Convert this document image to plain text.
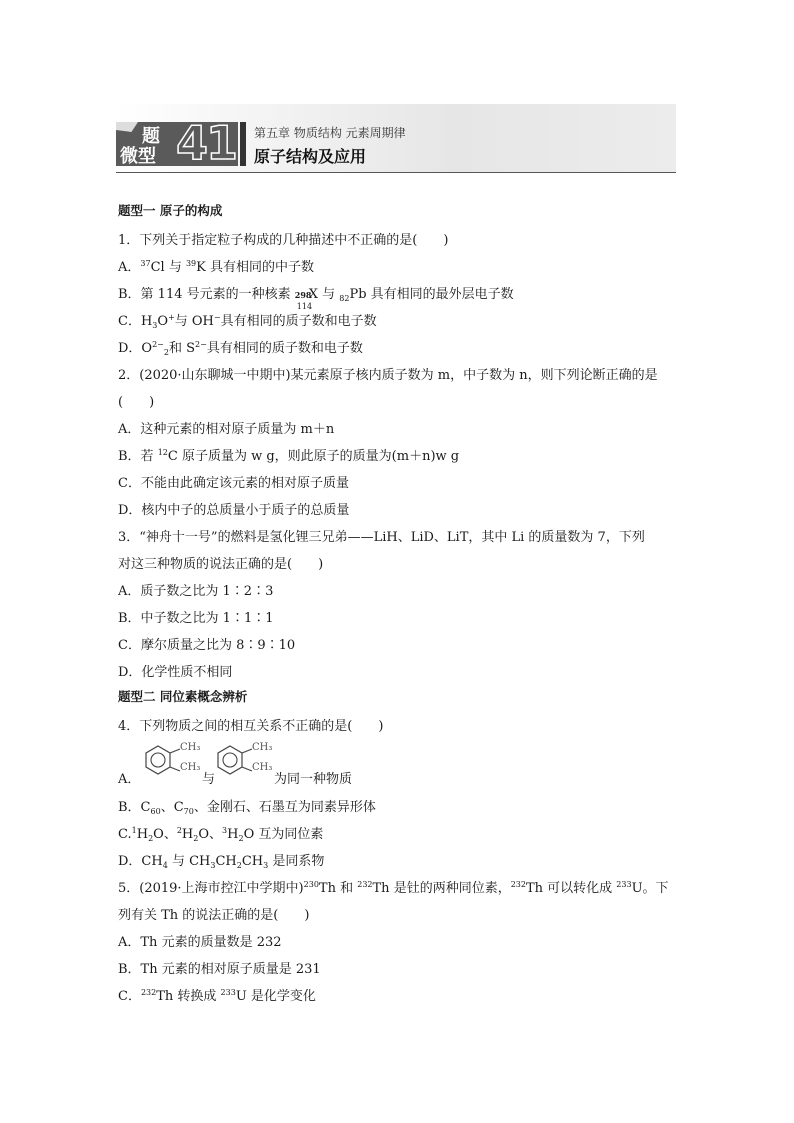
题
微型 41 第五章 物质结构 元素周期律
原子结构及应用
题型一 原子的构成
1．下列关于指定粒子构成的几种描述中不正确的是(　　)
A．$^{37}$Cl 与 $^{39}$K 具有相同的中子数
B．第 114 号元素的一种核素 298
114
X 与 $_{82}$Pb 具有相同的最外层电子数
C．$H_3O^+$与 OH−具有相同的质子数和电子数
D．$O^{2-}_2$和 $S^{2-}$具有相同的质子数和电子数
2．(2020·山东聊城一中期中)某元素原子核内质子数为 m，中子数为 n，则下列论断正确的是
(　　)
A．这种元素的相对原子质量为 m＋n
B．若 $^{12}$C 原子质量为 w g，则此原子的质量为(m＋n)w g
C．不能由此确定该元素的相对原子质量
D．核内中子的总质量小于质子的总质量
3．“神舟十一号”的燃料是氢化锂三兄弟——LiH、LiD、LiT，其中 Li 的质量数为 7，下列
对这三种物质的说法正确的是(　　)
A．质子数之比为 1∶2∶3
B．中子数之比为 1∶1∶1
C．摩尔质量之比为 8∶9∶10
D．化学性质不相同
题型二 同位素概念辨析
4．下列物质之间的相互关系不正确的是(　　)
A．
CH₃
CH₃
与
CH₃
CH₃
为同一种物质
B．$C_{60}$、$C_{70}$、金刚石、石墨互为同素异形体
$C.^1H_2O$、$^2H_2O$、$^3H_2O$ 互为同位素
D．$CH_4$ 与 $CH_3CH_2CH_3$ 是同系物
5．(2019·上海市控江中学期中)$^{230}$Th 和 $^{232}$Th 是钍的两种同位素，$^{232}$Th 可以转化成 $^{233}$U。下
列有关 Th 的说法正确的是(　　)
A．Th 元素的质量数是 232
B．Th 元素的相对原子质量是 231
C．$^{232}$Th 转换成 $^{233}$U 是化学变化
